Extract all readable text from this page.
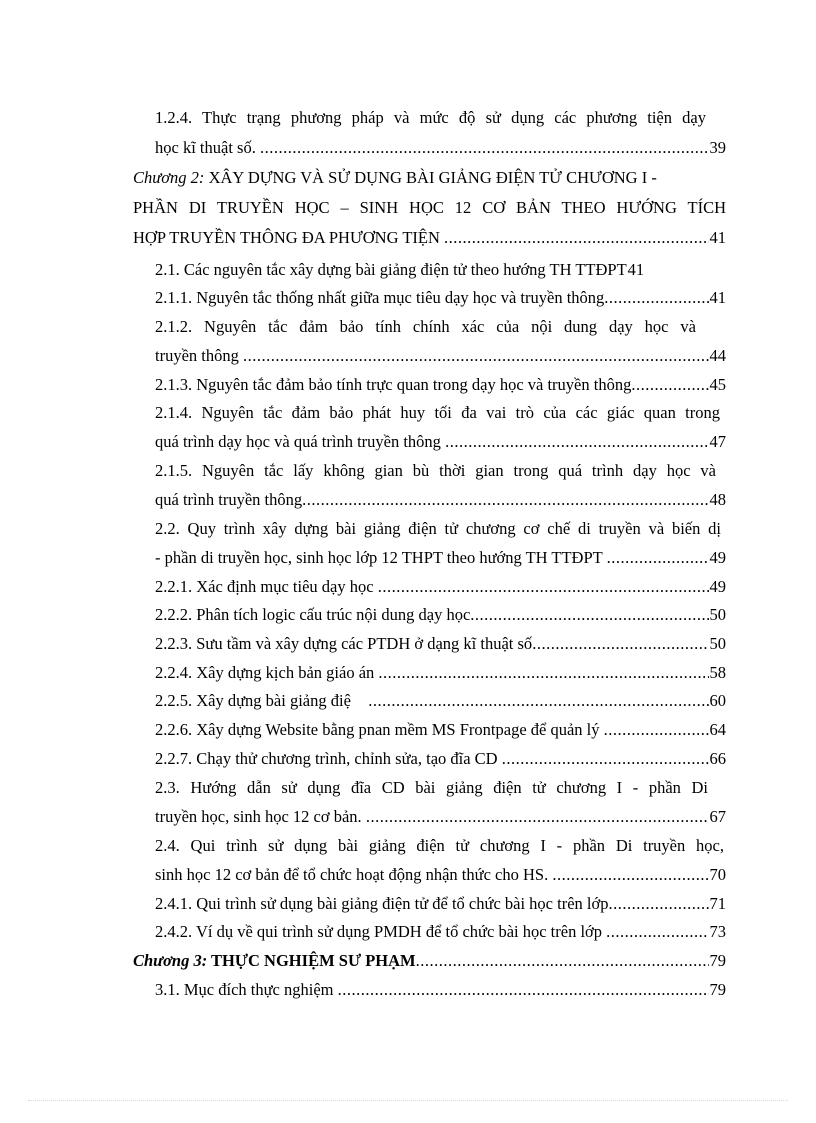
1.2.4. Thực trạng phương pháp và mức độ sử dụng các phương tiện dạy
học kĩ thuật số. .....	39
Chương 2: XÂY DỰNG VÀ SỬ DỤNG BÀI GIẢNG ĐIỆN TỬ CHƯƠNG I -
PHẦN DI TRUYỀN HỌC – SINH HỌC 12 CƠ BẢN THEO HƯỚNG TÍCH
HỢP TRUYỀN THÔNG ĐA PHƯƠNG TIỆN .....	41
2.1. Các nguyên tắc xây dựng bài giảng điện tử theo hướng TH TTĐPT 41
2.1.1. Nguyên tắc thống nhất giữa mục tiêu dạy học và truyền thông .....	41
2.1.2. Nguyên tắc đảm bảo tính chính xác của nội dung dạy học và
truyền thông .....	44
2.1.3. Nguyên tắc đảm bảo tính trực quan trong dạy học và truyền thông .....	45
2.1.4. Nguyên tắc đảm bảo phát huy tối đa vai trò của các giác quan trong
quá trình dạy học và quá trình truyền thông .....	47
2.1.5. Nguyên tắc lấy không gian bù thời gian trong quá trình dạy học và
quá trình truyền thông .....	48
2.2. Quy trình xây dựng bài giảng điện tử chương cơ chế di truyền và biến dị
- phần di truyền học, sinh học lớp 12 THPT theo hướng TH TTĐPT .....	49
2.2.1. Xác định mục tiêu dạy học .....	49
2.2.2. Phân tích logic cấu trúc nội dung dạy học .....	50
2.2.3. Sưu tầm và xây dựng các PTDH ở dạng kĩ thuật số .....	50
2.2.4. Xây dựng kịch bản giáo án .....	58
2.2.5. Xây dựng bài giảng điệ .....	60
2.2.6. Xây dựng Website bằng pnan mềm MS Frontpage để quản lý .....	64
2.2.7. Chạy thử chương trình, chỉnh sửa, tạo đĩa CD .....	66
2.3. Hướng dẫn sử dụng đĩa CD bài giảng điện tử chương I - phần Di
truyền học, sinh học 12 cơ bản. .....	67
2.4. Qui trình sử dụng bài giảng điện tử chương I - phần Di truyền học,
sinh học 12 cơ bản để tổ chức hoạt động nhận thức cho HS. .....	70
2.4.1. Qui trình sử dụng bài giảng điện tử để tổ chức bài học trên lớp .....	71
2.4.2. Ví dụ về qui trình sử dụng PMDH để tổ chức bài học trên lớp .....	73
Chương 3: THỰC NGHIỆM SƯ PHẠM .....	79
3.1. Mục đích thực nghiệm .....	79
